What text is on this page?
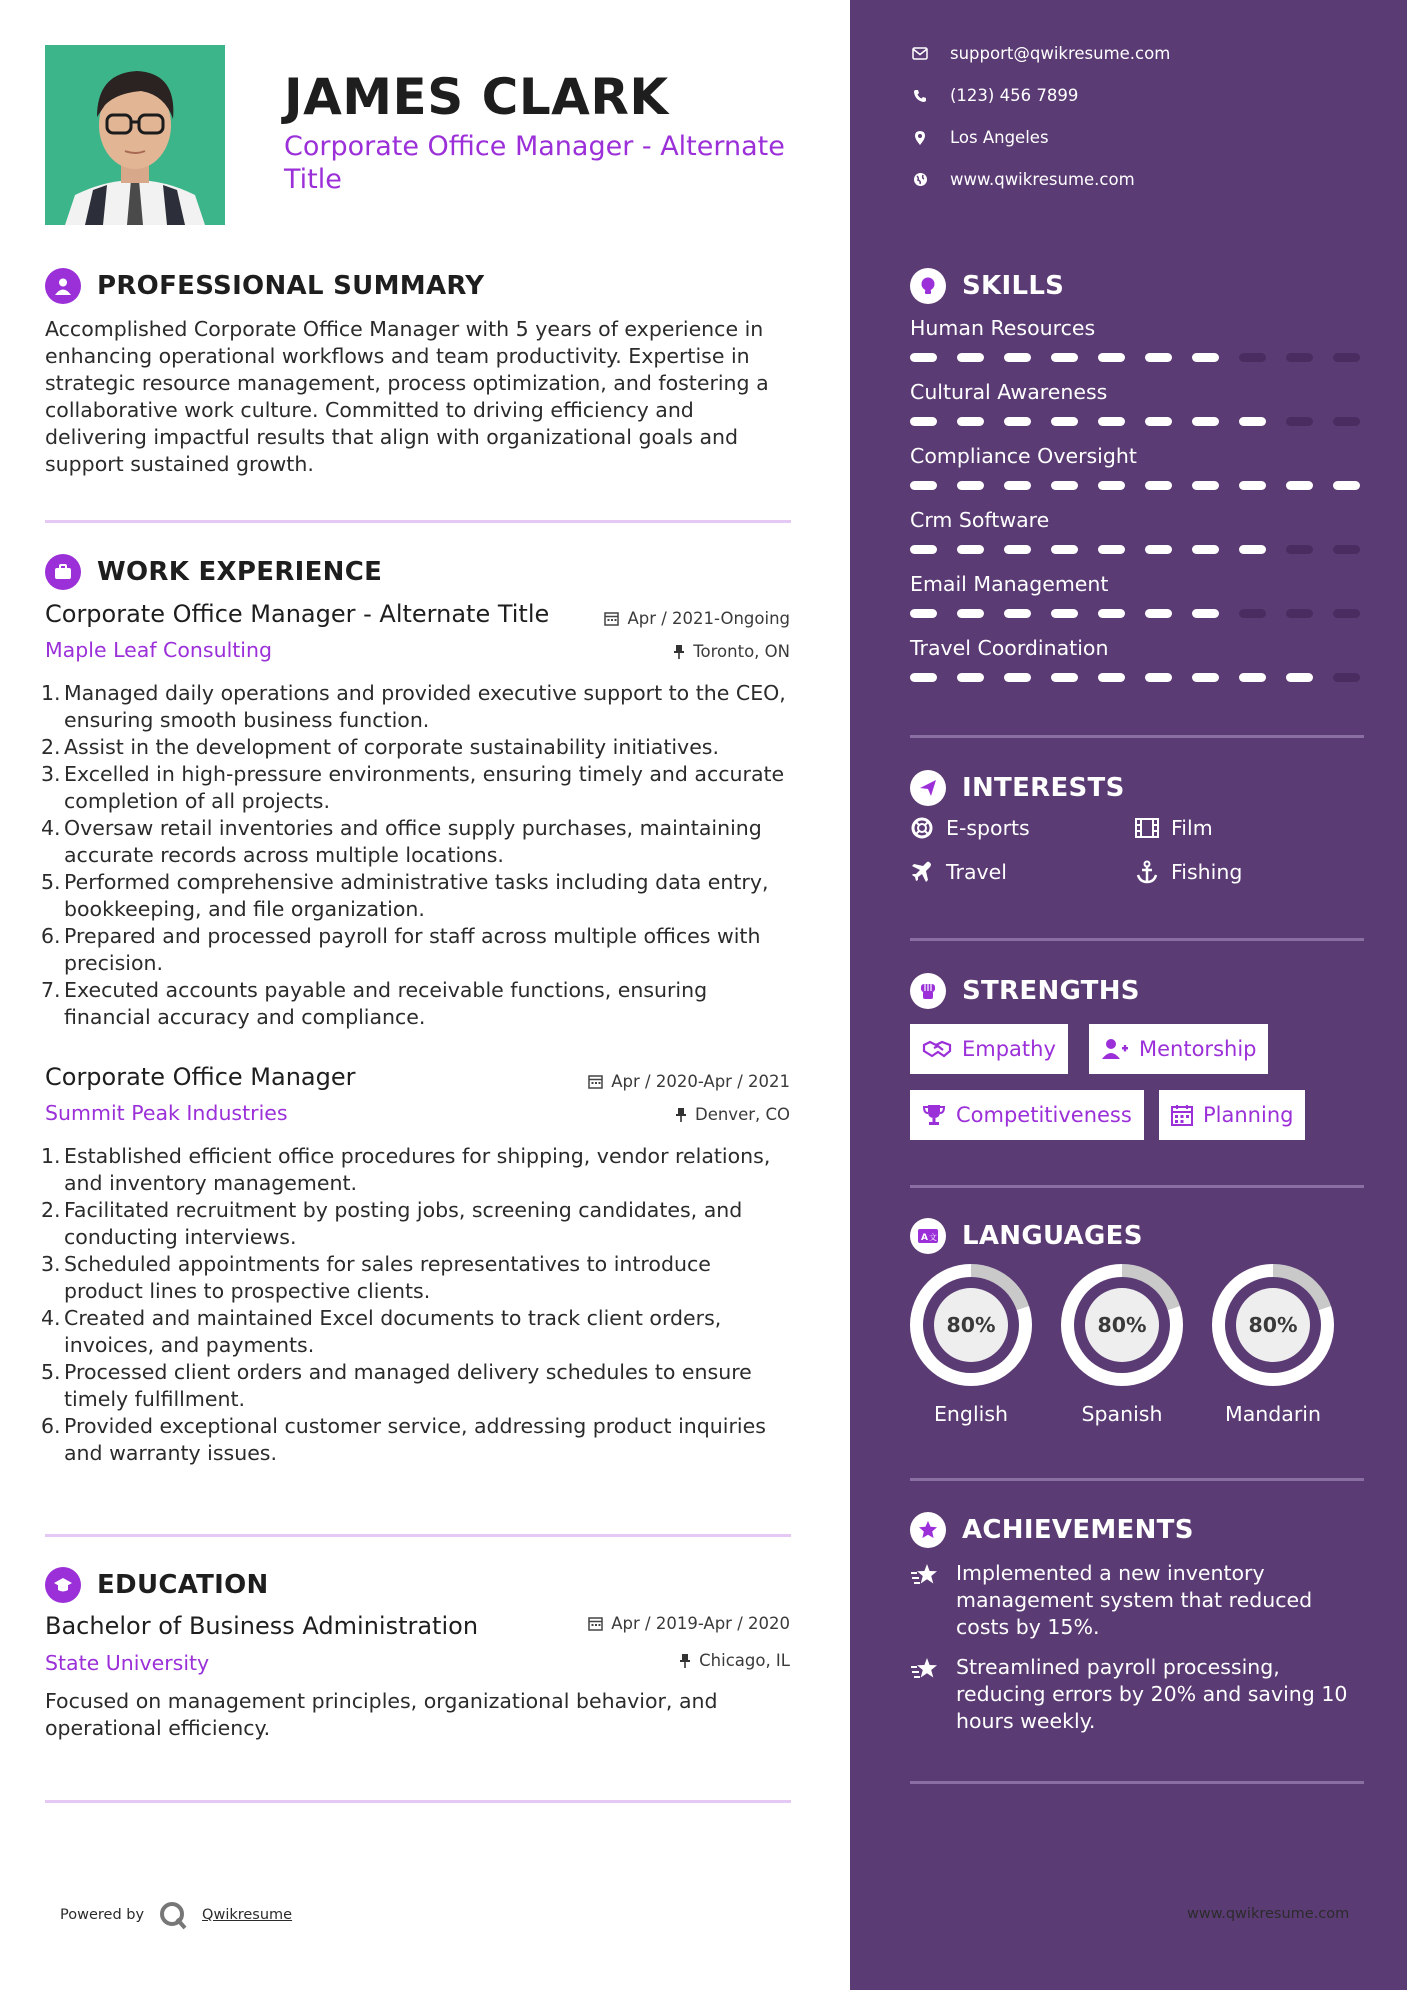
JAMES CLARK
Corporate Office Manager - Alternate Title
PROFESSIONAL SUMMARY
Accomplished Corporate Office Manager with 5 years of experience in enhancing operational workflows and team productivity. Expertise in strategic resource management, process optimization, and fostering a collaborative work culture. Committed to driving efficiency and delivering impactful results that align with organizational goals and support sustained growth.
WORK EXPERIENCE
Corporate Office Manager - Alternate Title	Apr / 2021-Ongoing
Maple Leaf Consulting	Toronto, ON
1. Managed daily operations and provided executive support to the CEO, ensuring smooth business function.
2. Assist in the development of corporate sustainability initiatives.
3. Excelled in high-pressure environments, ensuring timely and accurate completion of all projects.
4. Oversaw retail inventories and office supply purchases, maintaining accurate records across multiple locations.
5. Performed comprehensive administrative tasks including data entry, bookkeeping, and file organization.
6. Prepared and processed payroll for staff across multiple offices with precision.
7. Executed accounts payable and receivable functions, ensuring financial accuracy and compliance.
Corporate Office Manager	Apr / 2020-Apr / 2021
Summit Peak Industries	Denver, CO
1. Established efficient office procedures for shipping, vendor relations, and inventory management.
2. Facilitated recruitment by posting jobs, screening candidates, and conducting interviews.
3. Scheduled appointments for sales representatives to introduce product lines to prospective clients.
4. Created and maintained Excel documents to track client orders, invoices, and payments.
5. Processed client orders and managed delivery schedules to ensure timely fulfillment.
6. Provided exceptional customer service, addressing product inquiries and warranty issues.
EDUCATION
Bachelor of Business Administration	Apr / 2019-Apr / 2020
State University	Chicago, IL
Focused on management principles, organizational behavior, and operational efficiency.
Powered by	Qwikresume
support@qwikresume.com
(123) 456 7899
Los Angeles
www.qwikresume.com
SKILLS
Human Resources
Cultural Awareness
Compliance Oversight
Crm Software
Email Management
Travel Coordination
INTERESTS
E-sports	Film
Travel	Fishing
STRENGTHS
Empathy	Mentorship
Competitiveness	Planning
A 文 LANGUAGES
80%
English
80%
Spanish
80%
Mandarin
ACHIEVEMENTS
Implemented a new inventory management system that reduced costs by 15%.
Streamlined payroll processing, reducing errors by 20% and saving 10 hours weekly.
www.qwikresume.com
